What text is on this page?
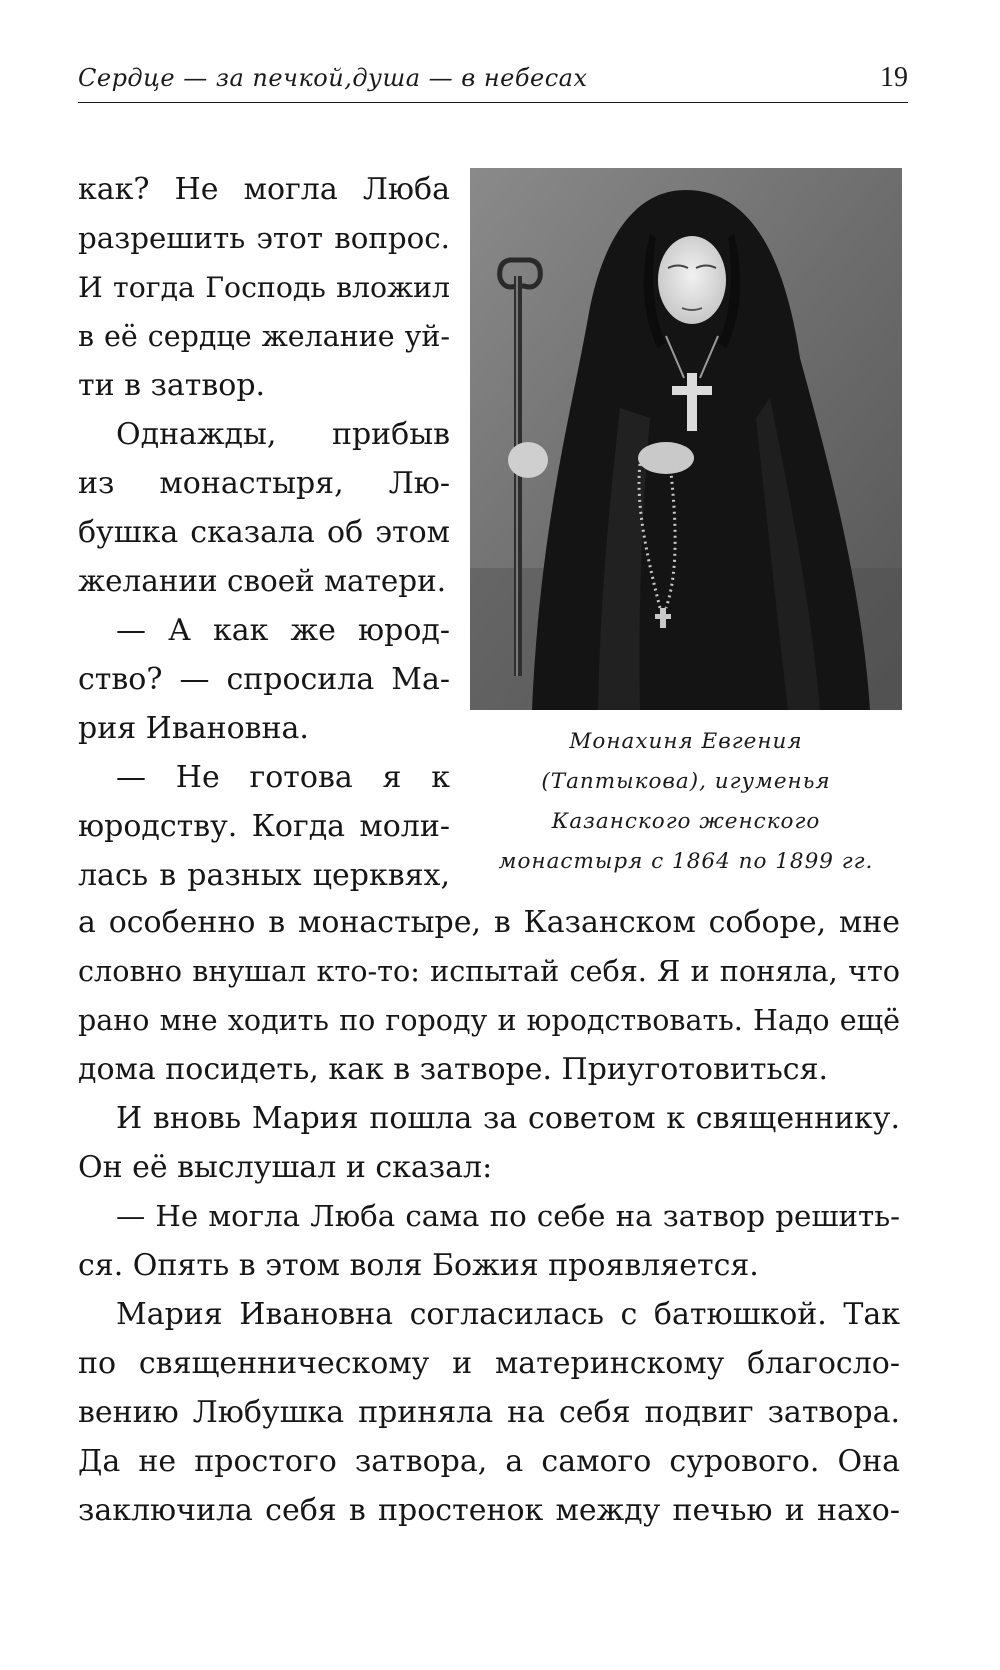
Сердце — за печкой,душа — в небесах	19
Монахиня Евгения
(Таптыкова), игуменья
Казанского женского
монастыря с 1864 по 1899 гг.
как? Не могла Люба
разрешить этот вопрос.
И тогда Господь вложил
в её сердце желание уй-
ти в затвор.
Однажды, прибыв
из монастыря, Лю-
бушка сказала об этом
желании своей матери.
— А как же юрод-
ство? — спросила Ма-
рия Ивановна.
— Не готова я к
юродству. Когда моли-
лась в разных церквях,
а особенно в монастыре, в Казанском соборе, мне
словно внушал кто-то: испытай себя. Я и поняла, что
рано мне ходить по городу и юродствовать. Надо ещё
дома посидеть, как в затворе. Приуготовиться.
И вновь Мария пошла за советом к священнику.
Он её выслушал и сказал:
— Не могла Люба сама по себе на затвор решить-
ся. Опять в этом воля Божия проявляется.
Мария Ивановна согласилась с батюшкой. Так
по священническому и материнскому благосло-
вению Любушка приняла на себя подвиг затвора.
Да не простого затвора, а самого сурового. Она
заключила себя в простенок между печью и нахо-
